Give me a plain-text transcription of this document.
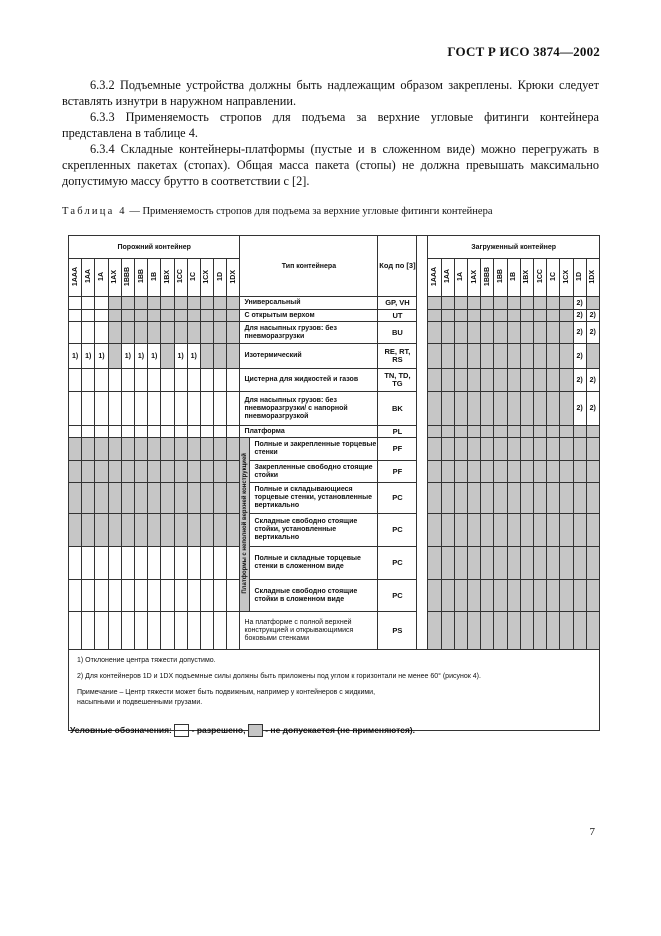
ГОСТ Р ИСО 3874—2002
6.3.2 Подъемные устройства должны быть надлежащим образом закреплены. Крюки следует вставлять изнутри в наружном направлении.
6.3.3 Применяемость стропов для подъема за верхние угловые фитинги контейнера представлена в таблице 4.
6.3.4 Складные контейнеры-платформы (пустые и в сложенном виде) можно перегружать в скрепленных пакетах (стопах). Общая масса пакета (стопы) не должна превышать максимально допустимую массу брутто в соответствии с [2].
Таблица 4 — Применяемость стропов для подъема за верхние угловые фитинги контейнера
Порожний контейнер													Тип контейнера		Код по [3]		Загруженный контейнер												
1AAA	1AA	1A	1AX	1BBB	1BB	1B	1BX	1CC	1C	1CX	1D	1DX					1AAA	1AA	1A	1AX	1BBB	1BB	1B	1BX	1CC	1C	1CX	1D	1DX
													Универсальный		GP, VH													2)	
													С открытым верхом		UT													2)	2)
													Для насыпных грузов: без пневморазгрузки		BU													2)	2)
1)	1)	1)		1)	1)	1)		1)	1)				Изотермический		RE, RT, RS													2)	
													Цистерна для жидкостей и газов		TN, TD, TG													2)	2)
													Для насыпных грузов: без пневморазгрузки/ с напорной пневморазгрузкой		BK													2)	2)
													Платформа		PL														
													Платформы с неполной верхней конструкцией	Полные и закрепленные торцевые стенки	PF														
														Закрепленные свободно стоящие стойки	PF														
														Полные и складывающиеся торцевые стенки, установленные вертикально	PC														
														Складные свободно стоящие стойки, установленные вертикально	PC														
														Полные и складные торцевые стенки в сложенном виде	PC														
														Складные свободно стоящие стойки в сложенном виде	PC														
													На платформе с полной верхней конструкцией и открывающимися боковыми стенками		PS														

1) Отклонение центра тяжести допустимо.
2) Для контейнеров 1D и 1DX подъемные силы должны быть приложены под углом к горизонтали не менее 60° (рисунок 4).
Примечание – Центр тяжести может быть подвижным, например у контейнеров с жидкими,
насыпными и подвешенными грузами.																													
Условные обозначения:  - разрешено,  - не допускается (не применяются).
7
